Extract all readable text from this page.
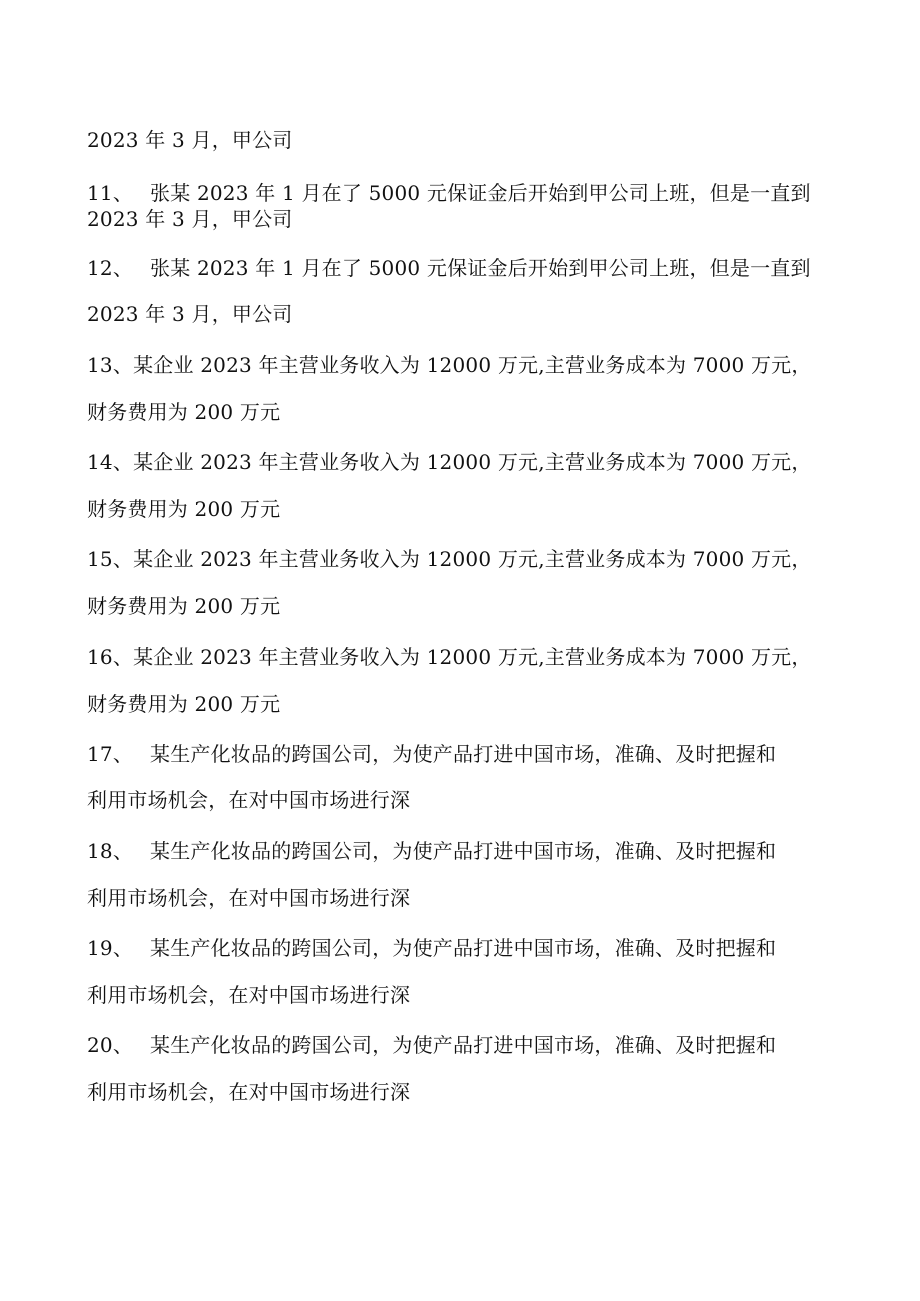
2023 年 3 月，甲公司
11、 张某 2023 年 1 月在了 5000 元保证金后开始到甲公司上班，但是一直到
2023 年 3 月，甲公司
12、 张某 2023 年 1 月在了 5000 元保证金后开始到甲公司上班，但是一直到
2023 年 3 月，甲公司
13、某企业 2023 年主营业务收入为 12000 万元,主营业务成本为 7000 万元，
财务费用为 200 万元
14、某企业 2023 年主营业务收入为 12000 万元,主营业务成本为 7000 万元，
财务费用为 200 万元
15、某企业 2023 年主营业务收入为 12000 万元,主营业务成本为 7000 万元，
财务费用为 200 万元
16、某企业 2023 年主营业务收入为 12000 万元,主营业务成本为 7000 万元，
财务费用为 200 万元
17、 某生产化妆品的跨国公司，为使产品打进中国市场，准确、及时把握和
利用市场机会，在对中国市场进行深
18、 某生产化妆品的跨国公司，为使产品打进中国市场，准确、及时把握和
利用市场机会，在对中国市场进行深
19、 某生产化妆品的跨国公司，为使产品打进中国市场，准确、及时把握和
利用市场机会，在对中国市场进行深
20、 某生产化妆品的跨国公司，为使产品打进中国市场，准确、及时把握和
利用市场机会，在对中国市场进行深
